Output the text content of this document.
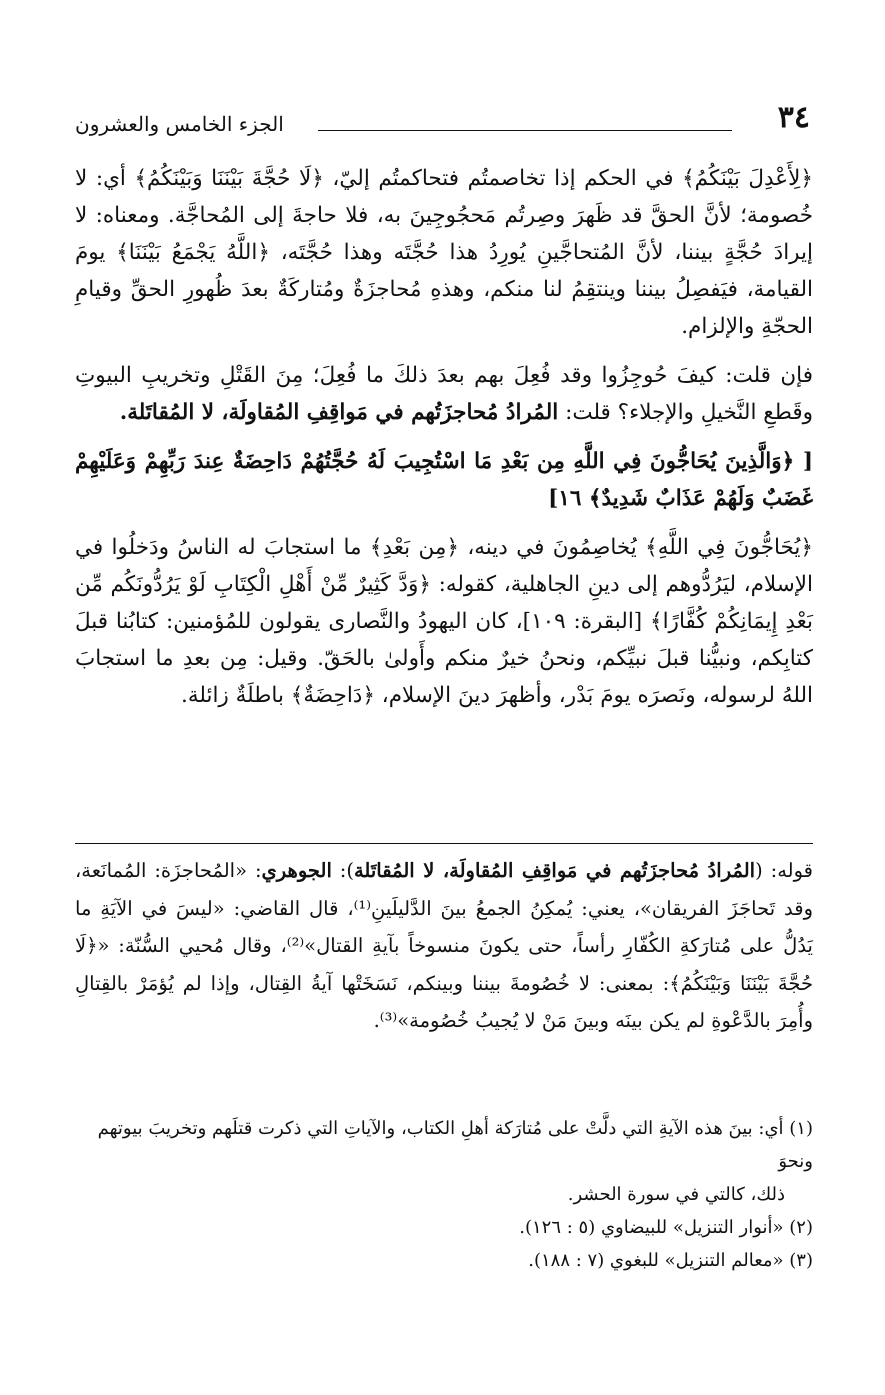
الجزء الخامس والعشرون	٣٤

﴿لِأَعْدِلَ بَيْنَكُمُ﴾ في الحكم إذا تخاصمتُم فتحاكمتُم إليّ، ﴿لَا حُجَّةَ بَيْنَنَا وَبَيْنَكُمُ﴾ أي: لا خُصومة؛ لأنَّ الحقَّ قد ظَهرَ وصِرتُم مَحجُوجِينَ به، فلا حاجةَ إلى المُحاجَّة. ومعناه: لا إيرادَ حُجَّةٍ بيننا، لأنَّ المُتحاجَّينِ يُورِدُ هذا حُجَّتَه وهذا حُجَّتَه، ﴿اللَّهُ يَجْمَعُ بَيْنَنَا﴾ يومَ القيامة، فيَفصِلُ بيننا وينتقِمُ لنا منكم، وهذهِ مُحاجزَةٌ ومُتاركَةٌ بعدَ ظُهورِ الحقِّ وقيامِ الحجّةِ والإلزام.

فإن قلت: كيفَ حُوجِزُوا وقد فُعِلَ بهم بعدَ ذلكَ ما فُعِلَ؛ مِنَ القَتْلِ وتخريبِ البيوتِ وقَطعِ النَّخيلِ والإجلاء؟ قلت: المُرادُ مُحاجزَتُهم في مَواقِفِ المُقاولَة، لا المُقاتَلة.

[ ﴿وَالَّذِينَ يُحَاجُّونَ فِي اللَّهِ مِن بَعْدِ مَا اسْتُجِيبَ لَهُ حُجَّتُهُمْ دَاحِضَةٌ عِندَ رَبِّهِمْ وَعَلَيْهِمْ غَضَبٌ وَلَهُمْ عَذَابٌ شَدِيدٌ﴾ ١٦]

﴿يُحَاجُّونَ فِي اللَّهِ﴾ يُخاصِمُونَ في دينه، ﴿مِن بَعْدِ﴾ ما استجابَ له الناسُ ودَخلُوا في الإسلام، ليَرُدُّوهم إلى دينِ الجاهلية، كقوله: ﴿وَدَّ كَثِيرٌ مِّنْ أَهْلِ الْكِتَابِ لَوْ يَرُدُّونَكُم مِّن بَعْدِ إِيمَانِكُمْ كُفَّارًا﴾ [البقرة: ١٠٩]، كان اليهودُ والنَّصارى يقولون للمُؤمنين: كتابُنا قبلَ كتابِكم، ونبيُّنا قبلَ نبيِّكم، ونحنُ خيرٌ منكم وأَولىٰ بالحَقّ. وقيل: مِن بعدِ ما استجابَ اللهُ لرسوله، ونَصرَه يومَ بَدْر، وأظهرَ دينَ الإسلام، ﴿دَاحِضَةٌ﴾ باطلَةٌ زائلة.

قوله: (المُرادُ مُحاجزَتُهم في مَواقِفِ المُقاولَة، لا المُقاتَلة): الجوهري: «المُحاجزَة: المُمانَعة، وقد تَحاجَزَ الفريقان»، يعني: يُمكِنُ الجمعُ بينَ الدَّليلَينِ⁽¹⁾، قال القاضي: «ليسَ في الآيَةِ ما يَدُلُّ على مُتارَكةِ الكُفّارِ رأساً، حتى يكونَ منسوخاً بآيةِ القتال»⁽²⁾، وقال مُحيي السُّنّة: «﴿لَا حُجَّةَ بَيْنَنَا وَبَيْنَكُمُ﴾: بمعنى: لا خُصُومةَ بيننا وبينكم، نَسَخَتْها آيةُ القِتال، وإذا لم يُؤمَرْ بالقِتالِ وأُمِرَ بالدَّعْوةِ لم يكن بينَه وبينَ مَنْ لا يُجيبُ خُصُومة»⁽³⁾.

(١) أي: بينَ هذه الآيةِ التي دلَّتْ على مُتارَكة أهلِ الكتاب، والآياتِ التي ذكرت قتلَهم وتخريبَ بيوتهم ونحوَ

ذلك، كالتي في سورة الحشر.

(٢) «أنوار التنزيل» للبيضاوي (٥ : ١٢٦).

(٣) «معالم التنزيل» للبغوي (٧ : ١٨٨).
